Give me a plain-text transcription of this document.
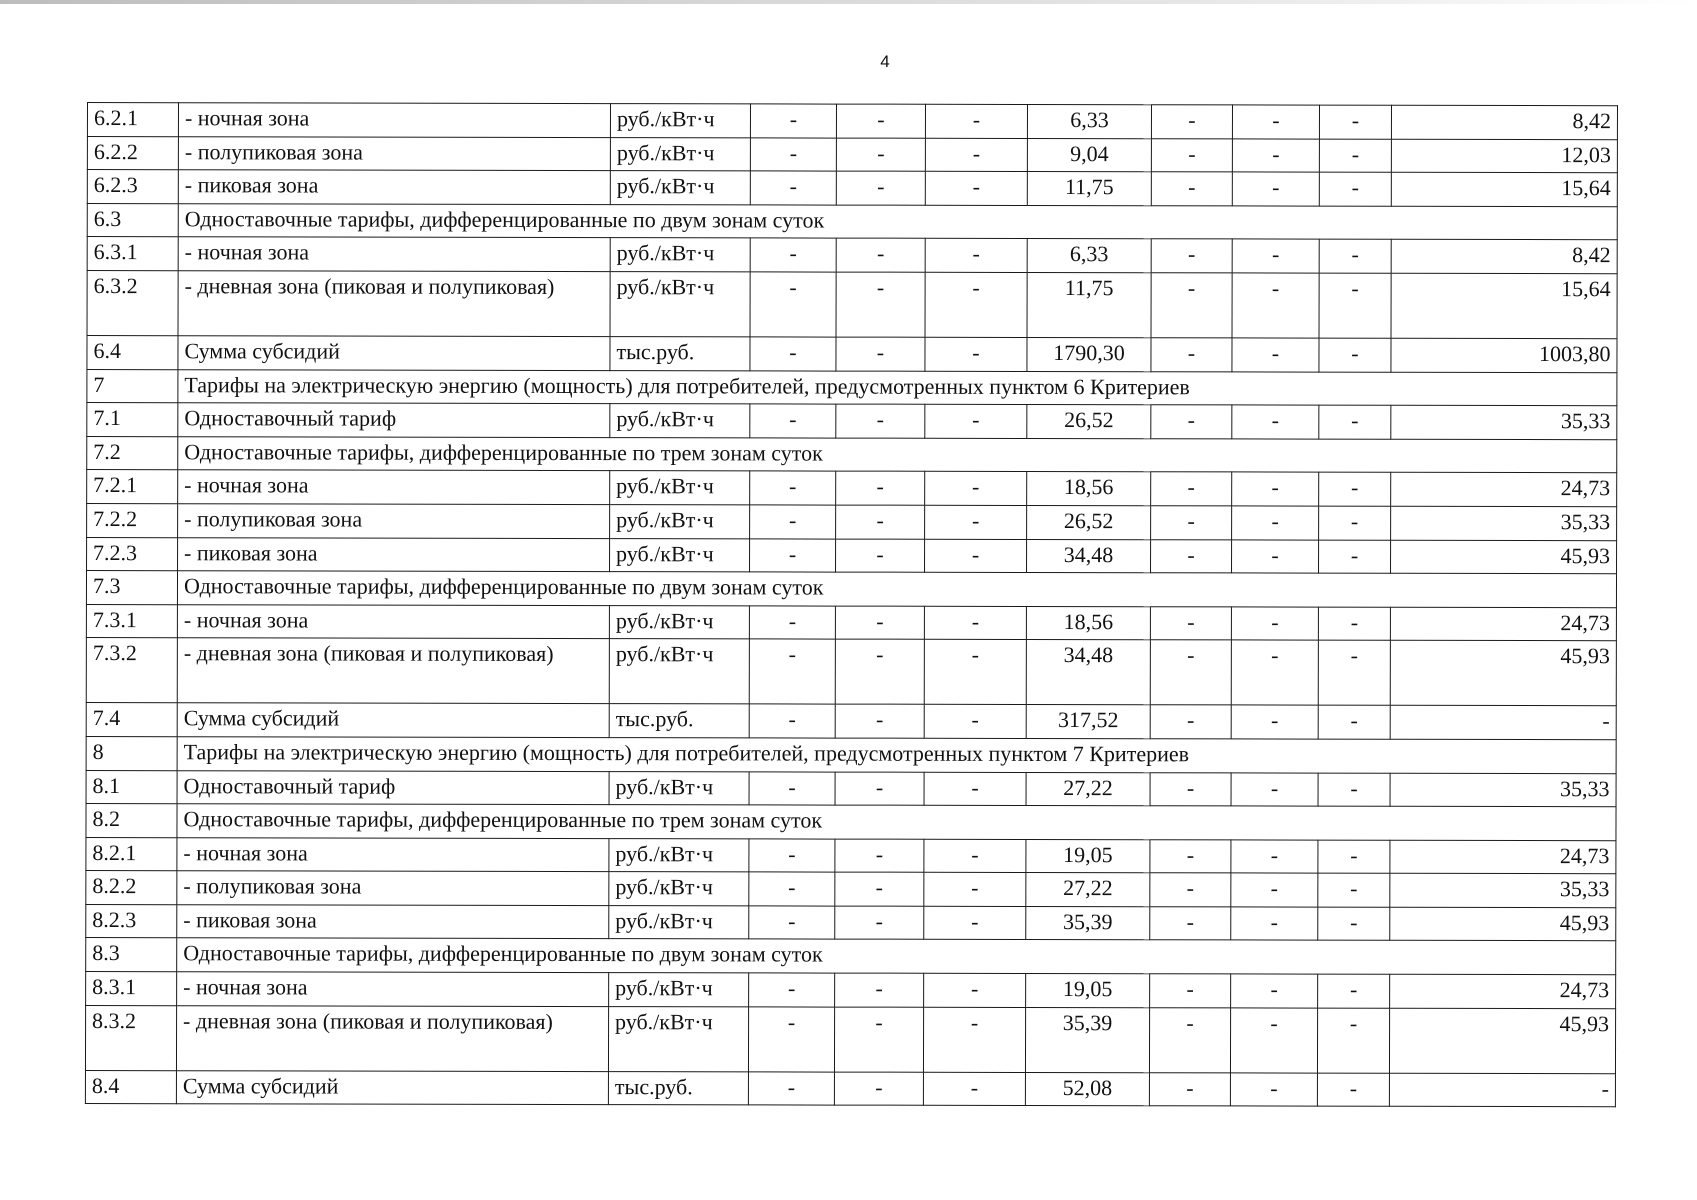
4
6.2.1	- ночная зона	руб./кВт·ч	-	-	-	6,33	-	-	-	8,42
6.2.2	- полупиковая зона	руб./кВт·ч	-	-	-	9,04	-	-	-	12,03
6.2.3	- пиковая зона	руб./кВт·ч	-	-	-	11,75	-	-	-	15,64
6.3	Одноставочные тарифы, дифференцированные по двум зонам суток									
6.3.1	- ночная зона	руб./кВт·ч	-	-	-	6,33	-	-	-	8,42
6.3.2	- дневная зона (пиковая и полупиковая)	руб./кВт·ч	-	-	-	11,75	-	-	-	15,64
6.4	Сумма субсидий	тыс.руб.	-	-	-	1790,30	-	-	-	1003,80
7	Тарифы на электрическую энергию (мощность) для потребителей, предусмотренных пунктом 6 Критериев									
7.1	Одноставочный тариф	руб./кВт·ч	-	-	-	26,52	-	-	-	35,33
7.2	Одноставочные тарифы, дифференцированные по трем зонам суток									
7.2.1	- ночная зона	руб./кВт·ч	-	-	-	18,56	-	-	-	24,73
7.2.2	- полупиковая зона	руб./кВт·ч	-	-	-	26,52	-	-	-	35,33
7.2.3	- пиковая зона	руб./кВт·ч	-	-	-	34,48	-	-	-	45,93
7.3	Одноставочные тарифы, дифференцированные по двум зонам суток									
7.3.1	- ночная зона	руб./кВт·ч	-	-	-	18,56	-	-	-	24,73
7.3.2	- дневная зона (пиковая и полупиковая)	руб./кВт·ч	-	-	-	34,48	-	-	-	45,93
7.4	Сумма субсидий	тыс.руб.	-	-	-	317,52	-	-	-	-
8	Тарифы на электрическую энергию (мощность) для потребителей, предусмотренных пунктом 7 Критериев									
8.1	Одноставочный тариф	руб./кВт·ч	-	-	-	27,22	-	-	-	35,33
8.2	Одноставочные тарифы, дифференцированные по трем зонам суток									
8.2.1	- ночная зона	руб./кВт·ч	-	-	-	19,05	-	-	-	24,73
8.2.2	- полупиковая зона	руб./кВт·ч	-	-	-	27,22	-	-	-	35,33
8.2.3	- пиковая зона	руб./кВт·ч	-	-	-	35,39	-	-	-	45,93
8.3	Одноставочные тарифы, дифференцированные по двум зонам суток									
8.3.1	- ночная зона	руб./кВт·ч	-	-	-	19,05	-	-	-	24,73
8.3.2	- дневная зона (пиковая и полупиковая)	руб./кВт·ч	-	-	-	35,39	-	-	-	45,93
8.4	Сумма субсидий	тыс.руб.	-	-	-	52,08	-	-	-	-
